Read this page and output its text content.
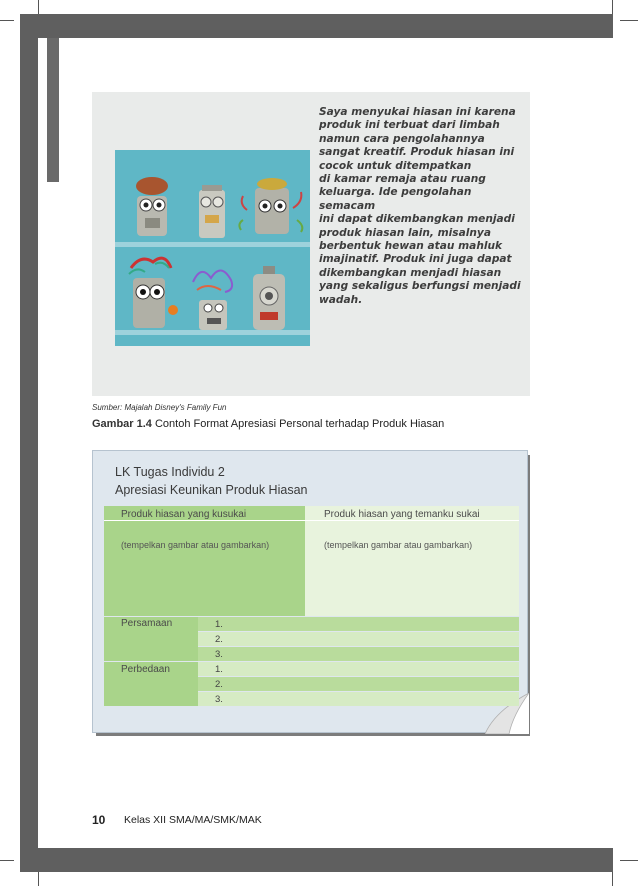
Saya menyukai hiasan ini karena
produk ini terbuat dari limbah
namun cara pengolahannya
sangat kreatif. Produk hiasan ini
cocok untuk ditempatkan
di kamar remaja atau ruang
keluarga. Ide pengolahan semacam
ini dapat dikembangkan menjadi
produk hiasan lain, misalnya
berbentuk hewan atau mahluk
imajinatif. Produk ini juga dapat
dikembangkan menjadi hiasan
yang sekaligus berfungsi menjadi
wadah.
Sumber: Majalah Disney's Family Fun
Gambar 1.4 Contoh Format Apresiasi Personal terhadap Produk Hiasan
LK Tugas Individu 2
Apresiasi Keunikan Produk Hiasan
Produk hiasan yang kusukai	Produk hiasan yang temanku sukai
(tempelkan gambar atau gambarkan)	(tempelkan gambar atau gambarkan)
Persamaan
Perbedaan
1.
2.
3.
1.
2.
3.
10 Kelas XII SMA/MA/SMK/MAK
